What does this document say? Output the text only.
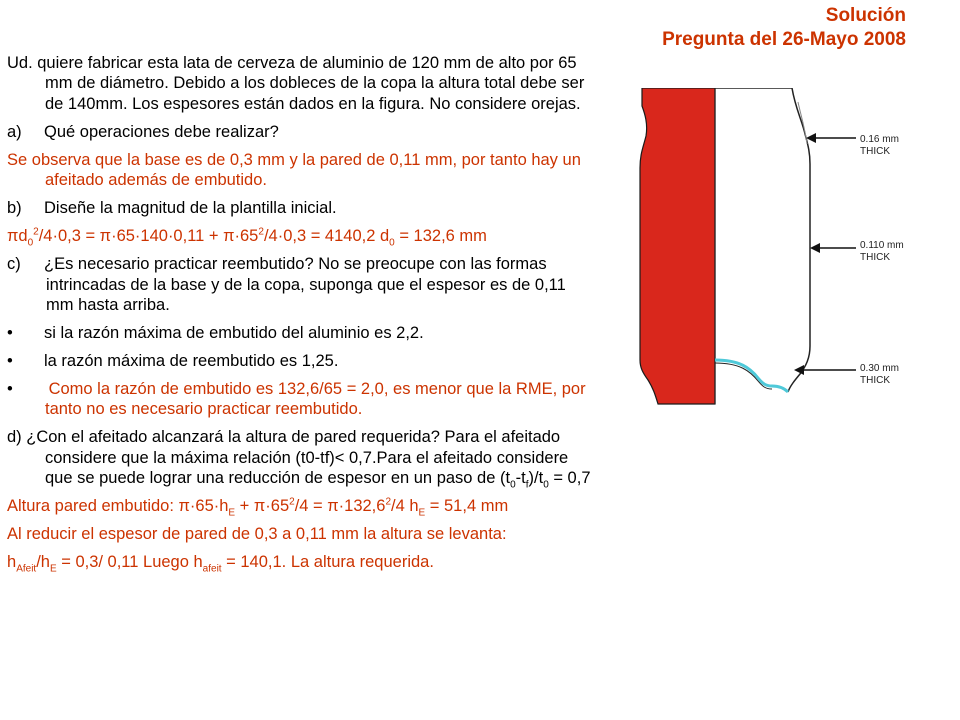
Solución
Pregunta del 26-Mayo 2008
Ud. quiere fabricar esta lata de cerveza de aluminio de 120 mm de alto por 65 mm de diámetro. Debido a los dobleces de la copa la altura total debe ser de 140mm. Los espesores están dados en la figura. No considere orejas.
a) Qué operaciones debe realizar?
Se observa que la base es de 0,3 mm y la pared de 0,11 mm, por tanto hay un afeitado además de embutido.
b) Diseñe la magnitud de la plantilla inicial.
$\pi d_0^2/4\cdot 0,3 = \pi\cdot 65\cdot 140\cdot 0,11 + \pi\cdot 65^2/4\cdot 0,3 = 4140,2$ $d_0 = 132,6$ mm
c) ¿Es necesario practicar reembutido? No se preocupe con las formas intrincadas de la base y de la copa, suponga que el espesor es de 0,11 mm hasta arriba.
• si la razón máxima de embutido del aluminio es 2,2.
• la razón máxima de reembutido es 1,25.
• Como la razón de embutido es 132,6/65 = 2,0, es menor que la RME, por tanto no es necesario practicar reembutido.
d) ¿Con el afeitado alcanzará la altura de pared requerida? Para el afeitado considere que la máxima relación (t0-tf)< 0,7.Para el afeitado considere que se puede lograr una reducción de espesor en un paso de $(t_0-t_f)/t_0 = 0,7$
Altura pared embutido: $\pi\cdot 65\cdot h_E + \pi\cdot 65^2/4 = \pi\cdot 132,6^2/4$ $h_E = 51,4$ mm
Al reducir el espesor de pared de 0,3 a 0,11 mm la altura se levanta:
$h_{Afeit}/h_E = 0,3/$ 0,11 Luego $h_{afeit} = 140,1$. La altura requerida.
0.16 mm
THICK
0.110 mm
THICK
0.30 mm
THICK
